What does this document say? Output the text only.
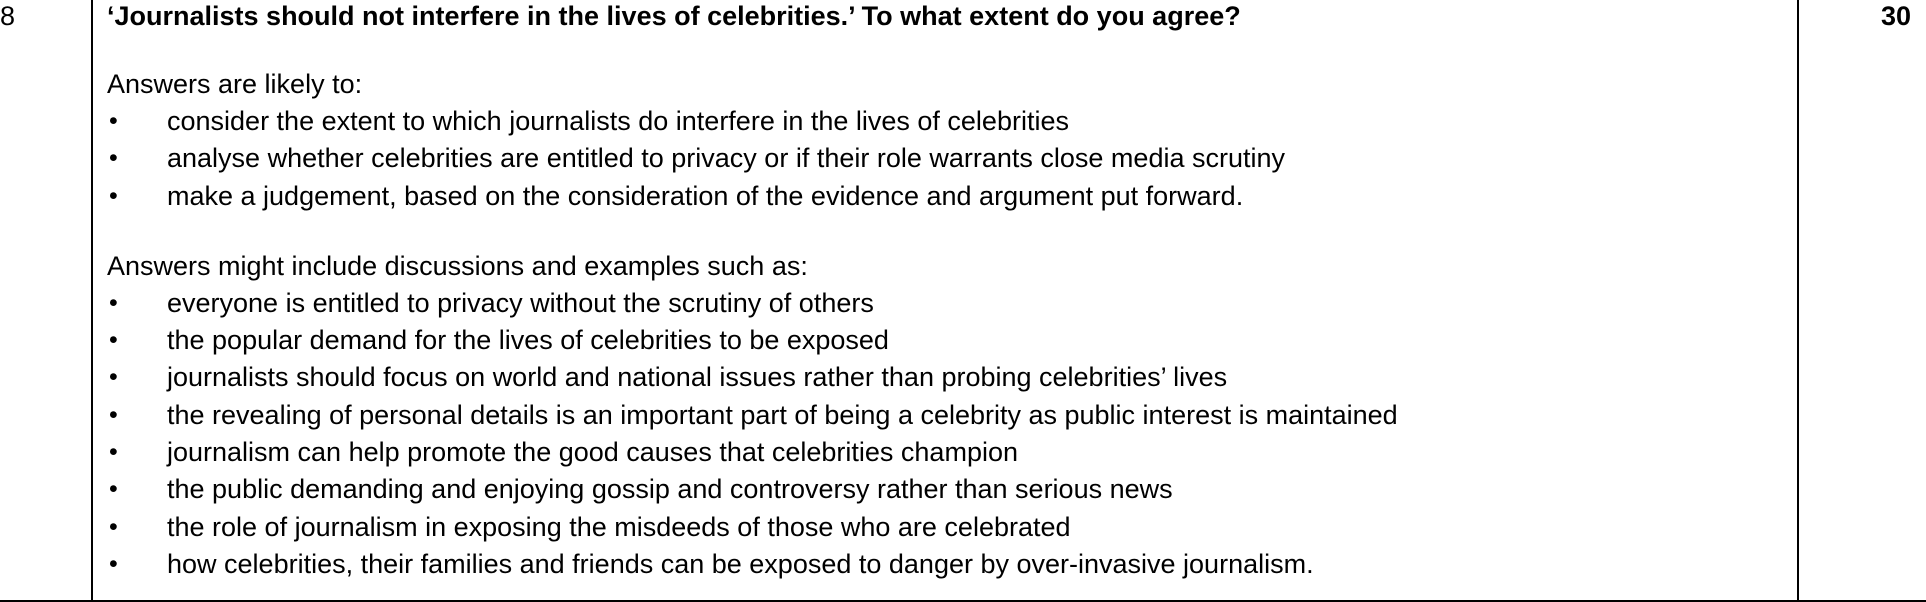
8	‘Journalists should not interfere in the lives of celebrities.’ To what extent do you agree?

Answers are likely to:

• consider the extent to which journalists do interfere in the lives of celebrities
• analyse whether celebrities are entitled to privacy or if their role warrants close media scrutiny
• make a judgement, based on the consideration of the evidence and argument put forward.

Answers might include discussions and examples such as:

• everyone is entitled to privacy without the scrutiny of others
• the popular demand for the lives of celebrities to be exposed
• journalists should focus on world and national issues rather than probing celebrities’ lives
• the revealing of personal details is an important part of being a celebrity as public interest is maintained
• journalism can help promote the good causes that celebrities champion
• the public demanding and enjoying gossip and controversy rather than serious news
• the role of journalism in exposing the misdeeds of those who are celebrated
• how celebrities, their families and friends can be exposed to danger by over-invasive journalism.
30
